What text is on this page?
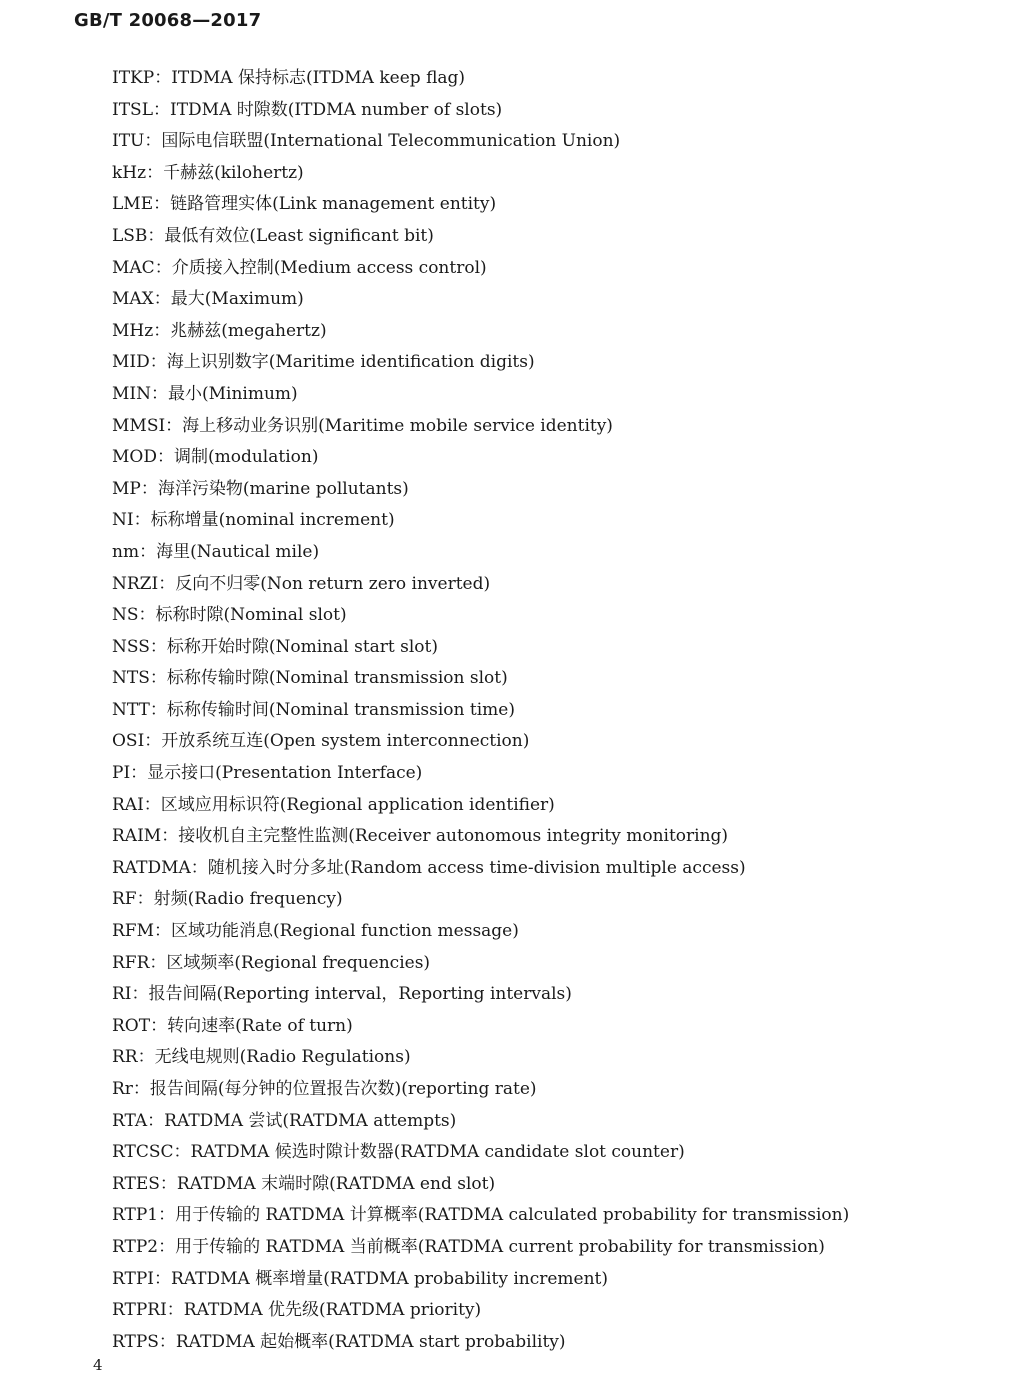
GB/T 20068—2017
ITKP：ITDMA 保持标志(ITDMA keep flag)
ITSL：ITDMA 时隙数(ITDMA number of slots)
ITU：国际电信联盟(International Telecommunication Union)
kHz：千赫兹(kilohertz)
LME：链路管理实体(Link management entity)
LSB：最低有效位(Least significant bit)
MAC：介质接入控制(Medium access control)
MAX：最大(Maximum)
MHz：兆赫兹(megahertz)
MID：海上识别数字(Maritime identification digits)
MIN：最小(Minimum)
MMSI：海上移动业务识别(Maritime mobile service identity)
MOD：调制(modulation)
MP：海洋污染物(marine pollutants)
NI：标称增量(nominal increment)
nm：海里(Nautical mile)
NRZI：反向不归零(Non return zero inverted)
NS：标称时隙(Nominal slot)
NSS：标称开始时隙(Nominal start slot)
NTS：标称传输时隙(Nominal transmission slot)
NTT：标称传输时间(Nominal transmission time)
OSI：开放系统互连(Open system interconnection)
PI：显示接口(Presentation Interface)
RAI：区域应用标识符(Regional application identifier)
RAIM：接收机自主完整性监测(Receiver autonomous integrity monitoring)
RATDMA：随机接入时分多址(Random access time-division multiple access)
RF：射频(Radio frequency)
RFM：区域功能消息(Regional function message)
RFR：区域频率(Regional frequencies)
RI：报告间隔(Reporting interval，Reporting intervals)
ROT：转向速率(Rate of turn)
RR：无线电规则(Radio Regulations)
Rr：报告间隔(每分钟的位置报告次数)(reporting rate)
RTA：RATDMA 尝试(RATDMA attempts)
RTCSC：RATDMA 候选时隙计数器(RATDMA candidate slot counter)
RTES：RATDMA 末端时隙(RATDMA end slot)
RTP1：用于传输的 RATDMA 计算概率(RATDMA calculated probability for transmission)
RTP2：用于传输的 RATDMA 当前概率(RATDMA current probability for transmission)
RTPI：RATDMA 概率增量(RATDMA probability increment)
RTPRI：RATDMA 优先级(RATDMA priority)
RTPS：RATDMA 起始概率(RATDMA start probability)
4
